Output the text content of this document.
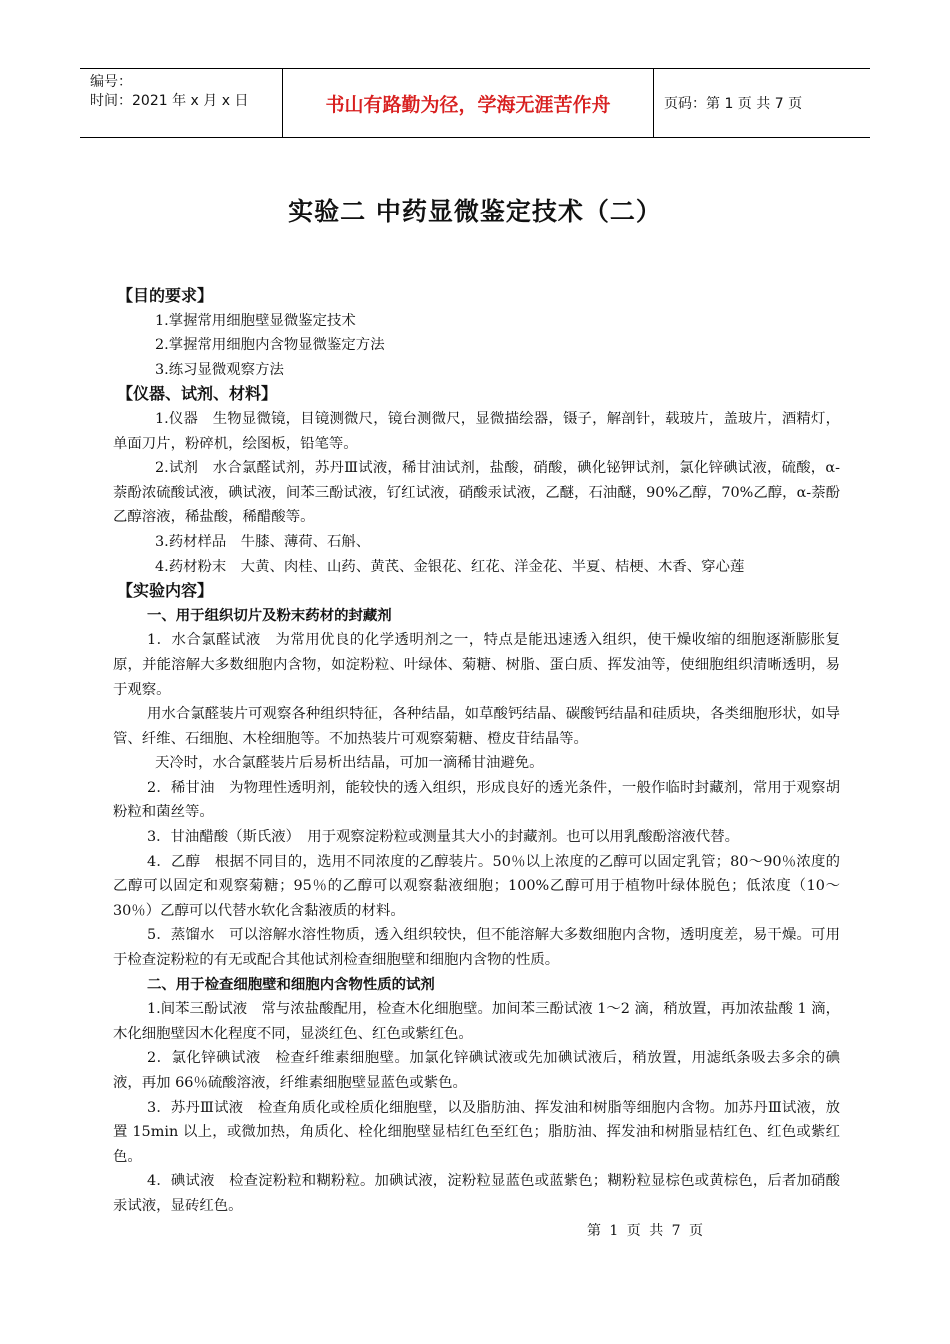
编号：
时间：2021 年 x 月 x 日	书山有路勤为径，学海无涯苦作舟	页码：第 1 页 共 7 页
实验二 中药显微鉴定技术（二）
【目的要求】
1.掌握常用细胞壁显微鉴定技术
2.掌握常用细胞内含物显微鉴定方法
3.练习显微观察方法
【仪器、试剂、材料】
1.仪器　生物显微镜，目镜测微尺，镜台测微尺，显微描绘器，镊子，解剖针，载玻片，盖玻片，酒精灯，单面刀片，粉碎机，绘图板，铅笔等。
2.试剂　水合氯醛试剂，苏丹Ⅲ试液，稀甘油试剂，盐酸，硝酸，碘化铋钾试剂，氯化锌碘试液，硫酸，α-萘酚浓硫酸试液，碘试液，间苯三酚试液，钌红试液，硝酸汞试液，乙醚，石油醚，90%乙醇，70%乙醇，α-萘酚乙醇溶液，稀盐酸，稀醋酸等。
3.药材样品　牛膝、薄荷、石斛、
4.药材粉末　大黄、肉桂、山药、黄芪、金银花、红花、洋金花、半夏、桔梗、木香、穿心莲
【实验内容】
一、用于组织切片及粉末药材的封藏剂
1．水合氯醛试液　为常用优良的化学透明剂之一，特点是能迅速透入组织，使干燥收缩的细胞逐渐膨胀复原，并能溶解大多数细胞内含物，如淀粉粒、叶绿体、菊糖、树脂、蛋白质、挥发油等，使细胞组织清晰透明，易于观察。
用水合氯醛装片可观察各种组织特征，各种结晶，如草酸钙结晶、碳酸钙结晶和硅质块，各类细胞形状，如导管、纤维、石细胞、木栓细胞等。不加热装片可观察菊糖、橙皮苷结晶等。
天冷时，水合氯醛装片后易析出结晶，可加一滴稀甘油避免。
2．稀甘油　为物理性透明剂，能较快的透入组织，形成良好的透光条件，一般作临时封藏剂，常用于观察胡粉粒和菌丝等。
3．甘油醋酸（斯氏液）　用于观察淀粉粒或测量其大小的封藏剂。也可以用乳酸酚溶液代替。
4．乙醇　根据不同目的，选用不同浓度的乙醇装片。50％以上浓度的乙醇可以固定乳管；80～90％浓度的乙醇可以固定和观察菊糖；95％的乙醇可以观察黏液细胞；100%乙醇可用于植物叶绿体脱色；低浓度（10～30％）乙醇可以代替水软化含黏液质的材料。
5．蒸馏水　可以溶解水溶性物质，透入组织较快，但不能溶解大多数细胞内含物，透明度差，易干燥。可用于检查淀粉粒的有无或配合其他试剂检查细胞壁和细胞内含物的性质。
二、用于检查细胞壁和细胞内含物性质的试剂
1.间苯三酚试液　常与浓盐酸配用，检查木化细胞壁。加间苯三酚试液 1～2 滴，稍放置，再加浓盐酸 1 滴，木化细胞壁因木化程度不同，显淡红色、红色或紫红色。
2．氯化锌碘试液　检查纤维素细胞壁。加氯化锌碘试液或先加碘试液后，稍放置，用滤纸条吸去多余的碘液，再加 66％硫酸溶液，纤维素细胞壁显蓝色或紫色。
3．苏丹Ⅲ试液　检查角质化或栓质化细胞壁，以及脂肪油、挥发油和树脂等细胞内含物。加苏丹Ⅲ试液，放置 15min 以上，或微加热，角质化、栓化细胞壁显桔红色至红色；脂肪油、挥发油和树脂显桔红色、红色或紫红色。
4．碘试液　检查淀粉粒和糊粉粒。加碘试液，淀粉粒显蓝色或蓝紫色；糊粉粒显棕色或黄棕色，后者加硝酸汞试液，显砖红色。
第 1 页 共 7 页
